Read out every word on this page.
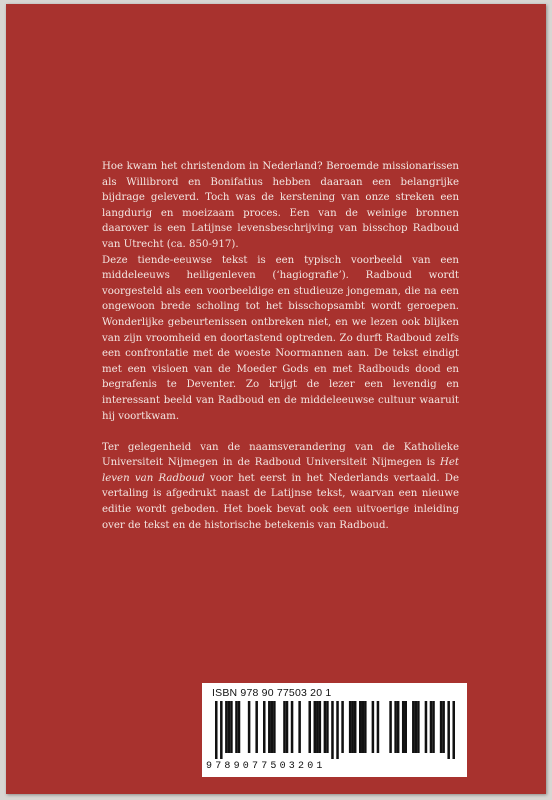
Hoe kwam het christendom in Nederland? Beroemde missionarissen als Willibrord en Bonifatius hebben daaraan een belangrijke bijdrage geleverd. Toch was de kerstening van onze streken een langdurig en moeizaam proces. Een van de weinige bronnen daarover is een Latijnse levensbeschrijving van bisschop Radboud van Utrecht (ca. 850-917).

Deze tiende-eeuwse tekst is een typisch voorbeeld van een middeleeuws heiligenleven (‘hagiografie’). Radboud wordt voorgesteld als een voorbeeldige en studieuze jongeman, die na een ongewoon brede scholing tot het bisschopsambt wordt geroepen. Wonderlijke gebeurtenissen ontbreken niet, en we lezen ook blijken van zijn vroomheid en doortastend optreden. Zo durft Radboud zelfs een confrontatie met de woeste Noormannen aan. De tekst eindigt met een visioen van de Moeder Gods en met Radbouds dood en begrafenis te Deventer. Zo krijgt de lezer een levendig en interessant beeld van Radboud en de middeleeuwse cultuur waaruit hij voortkwam.

Ter gelegenheid van de naamsverandering van de Katholieke Universiteit Nijmegen in de Radboud Universiteit Nijmegen is Het leven van Radboud voor het eerst in het Nederlands vertaald. De vertaling is afgedrukt naast de Latijnse tekst, waarvan een nieuwe editie wordt geboden. Het boek bevat ook een uitvoerige inleiding over de tekst en de historische betekenis van Radboud.

ISBN 978 90 77503 20 1
9789077503201
